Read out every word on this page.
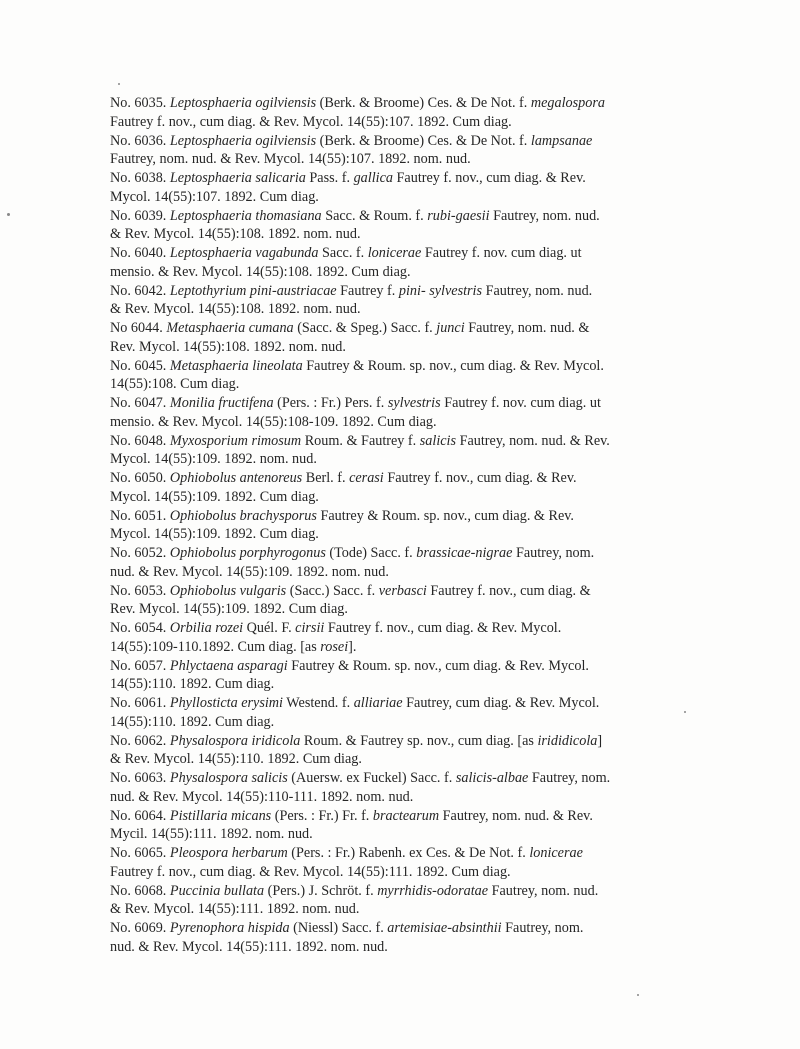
No. 6035. Leptosphaeria ogilviensis (Berk. & Broome) Ces. & De Not. f. megalospora
Fautrey f. nov., cum diag. & Rev. Mycol. 14(55):107. 1892. Cum diag.
No. 6036. Leptosphaeria ogilviensis (Berk. & Broome) Ces. & De Not. f. lampsanae
Fautrey, nom. nud. & Rev. Mycol. 14(55):107. 1892. nom. nud.
No. 6038. Leptosphaeria salicaria Pass. f. gallica Fautrey f. nov., cum diag. & Rev.
Mycol. 14(55):107. 1892. Cum diag.
No. 6039. Leptosphaeria thomasiana Sacc. & Roum. f. rubi-gaesii Fautrey, nom. nud.
& Rev. Mycol. 14(55):108. 1892. nom. nud.
No. 6040. Leptosphaeria vagabunda Sacc. f. lonicerae Fautrey f. nov. cum diag. ut
mensio. & Rev. Mycol. 14(55):108. 1892. Cum diag.
No. 6042. Leptothyrium pini-austriacae Fautrey f. pini- sylvestris Fautrey, nom. nud.
& Rev. Mycol. 14(55):108. 1892. nom. nud.
No 6044. Metasphaeria cumana (Sacc. & Speg.) Sacc. f. junci Fautrey, nom. nud. &
Rev. Mycol. 14(55):108. 1892. nom. nud.
No. 6045. Metasphaeria lineolata Fautrey & Roum. sp. nov., cum diag. & Rev. Mycol.
14(55):108. Cum diag.
No. 6047. Monilia fructifena (Pers. : Fr.) Pers. f. sylvestris Fautrey f. nov. cum diag. ut
mensio. & Rev. Mycol. 14(55):108-109. 1892. Cum diag.
No. 6048. Myxosporium rimosum Roum. & Fautrey f. salicis Fautrey, nom. nud. & Rev.
Mycol. 14(55):109. 1892. nom. nud.
No. 6050. Ophiobolus antenoreus Berl. f. cerasi Fautrey f. nov., cum diag. & Rev.
Mycol. 14(55):109. 1892. Cum diag.
No. 6051. Ophiobolus brachysporus Fautrey & Roum. sp. nov., cum diag. & Rev.
Mycol. 14(55):109. 1892. Cum diag.
No. 6052. Ophiobolus porphyrogonus (Tode) Sacc. f. brassicae-nigrae Fautrey, nom.
nud. & Rev. Mycol. 14(55):109. 1892. nom. nud.
No. 6053. Ophiobolus vulgaris (Sacc.) Sacc. f. verbasci Fautrey f. nov., cum diag. &
Rev. Mycol. 14(55):109. 1892. Cum diag.
No. 6054. Orbilia rozei Quél. F. cirsii Fautrey f. nov., cum diag. & Rev. Mycol.
14(55):109-110.1892. Cum diag. [as rosei].
No. 6057. Phlyctaena asparagi Fautrey & Roum. sp. nov., cum diag. & Rev. Mycol.
14(55):110. 1892. Cum diag.
No. 6061. Phyllosticta erysimi Westend. f. alliariae Fautrey, cum diag. & Rev. Mycol.
14(55):110. 1892. Cum diag.
No. 6062. Physalospora iridicola Roum. & Fautrey sp. nov., cum diag. [as irididicola]
& Rev. Mycol. 14(55):110. 1892. Cum diag.
No. 6063. Physalospora salicis (Auersw. ex Fuckel) Sacc. f. salicis-albae Fautrey, nom.
nud. & Rev. Mycol. 14(55):110-111. 1892. nom. nud.
No. 6064. Pistillaria micans (Pers. : Fr.) Fr. f. bractearum Fautrey, nom. nud. & Rev.
Mycil. 14(55):111. 1892. nom. nud.
No. 6065. Pleospora herbarum (Pers. : Fr.) Rabenh. ex Ces. & De Not. f. lonicerae
Fautrey f. nov., cum diag. & Rev. Mycol. 14(55):111. 1892. Cum diag.
No. 6068. Puccinia bullata (Pers.) J. Schröt. f. myrrhidis-odoratae Fautrey, nom. nud.
& Rev. Mycol. 14(55):111. 1892. nom. nud.
No. 6069. Pyrenophora hispida (Niessl) Sacc. f. artemisiae-absinthii Fautrey, nom.
nud. & Rev. Mycol. 14(55):111. 1892. nom. nud.
